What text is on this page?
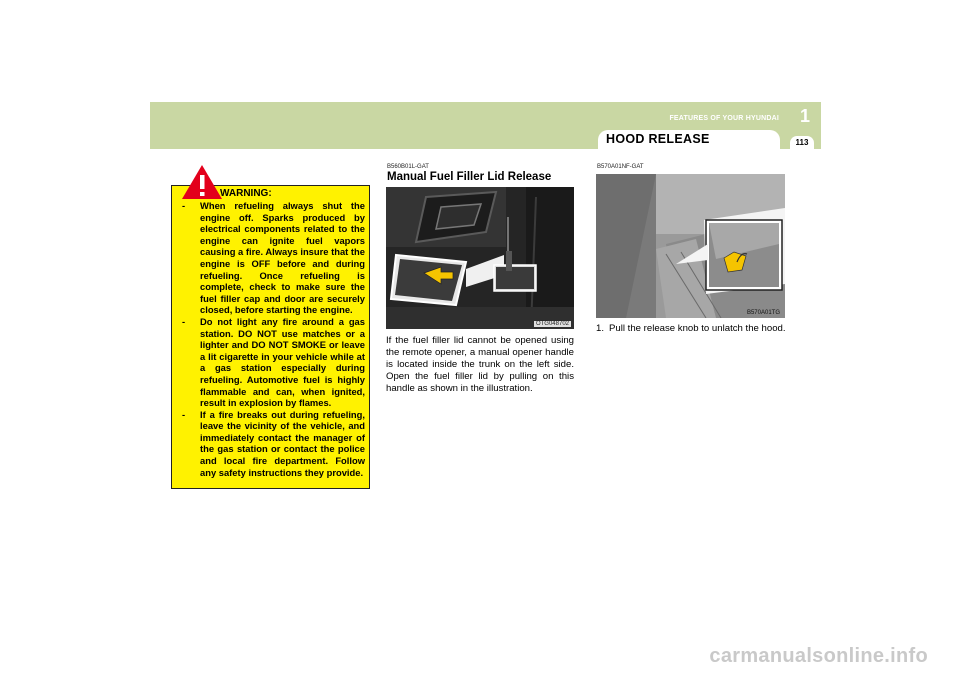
FEATURES OF YOUR HYUNDAI 1
HOOD RELEASE	113
WARNING:
- When refueling always shut the engine off. Sparks produced by electrical components related to the engine can ignite fuel vapors causing a fire. Always insure that the engine is OFF before and during refueling. Once refueling is complete, check to make sure the fuel filler cap and door are securely closed, before starting the engine.
- Do not light any fire around a gas station. DO NOT use matches or a lighter and DO NOT SMOKE or leave a lit cigarette in your vehicle while at a gas station especially during refueling. Automotive fuel is highly flammable and can, when ignited, result in explosion by flames.
- If a fire breaks out during refueling, leave the vicinity of the vehicle, and immediately contact the manager of the gas station or contact the police and local fire department. Follow any safety instructions they provide.
B560B01L-GAT
Manual Fuel Filler Lid Release
OTG048702
If the fuel filler lid cannot be opened using the remote opener, a manual opener handle is located inside the trunk on the left side. Open the fuel filler lid by pulling on this handle as shown in the illustration.
B570A01NF-GAT
B570A01TG
1. Pull the release knob to unlatch the hood.
carmanualsonline.info
